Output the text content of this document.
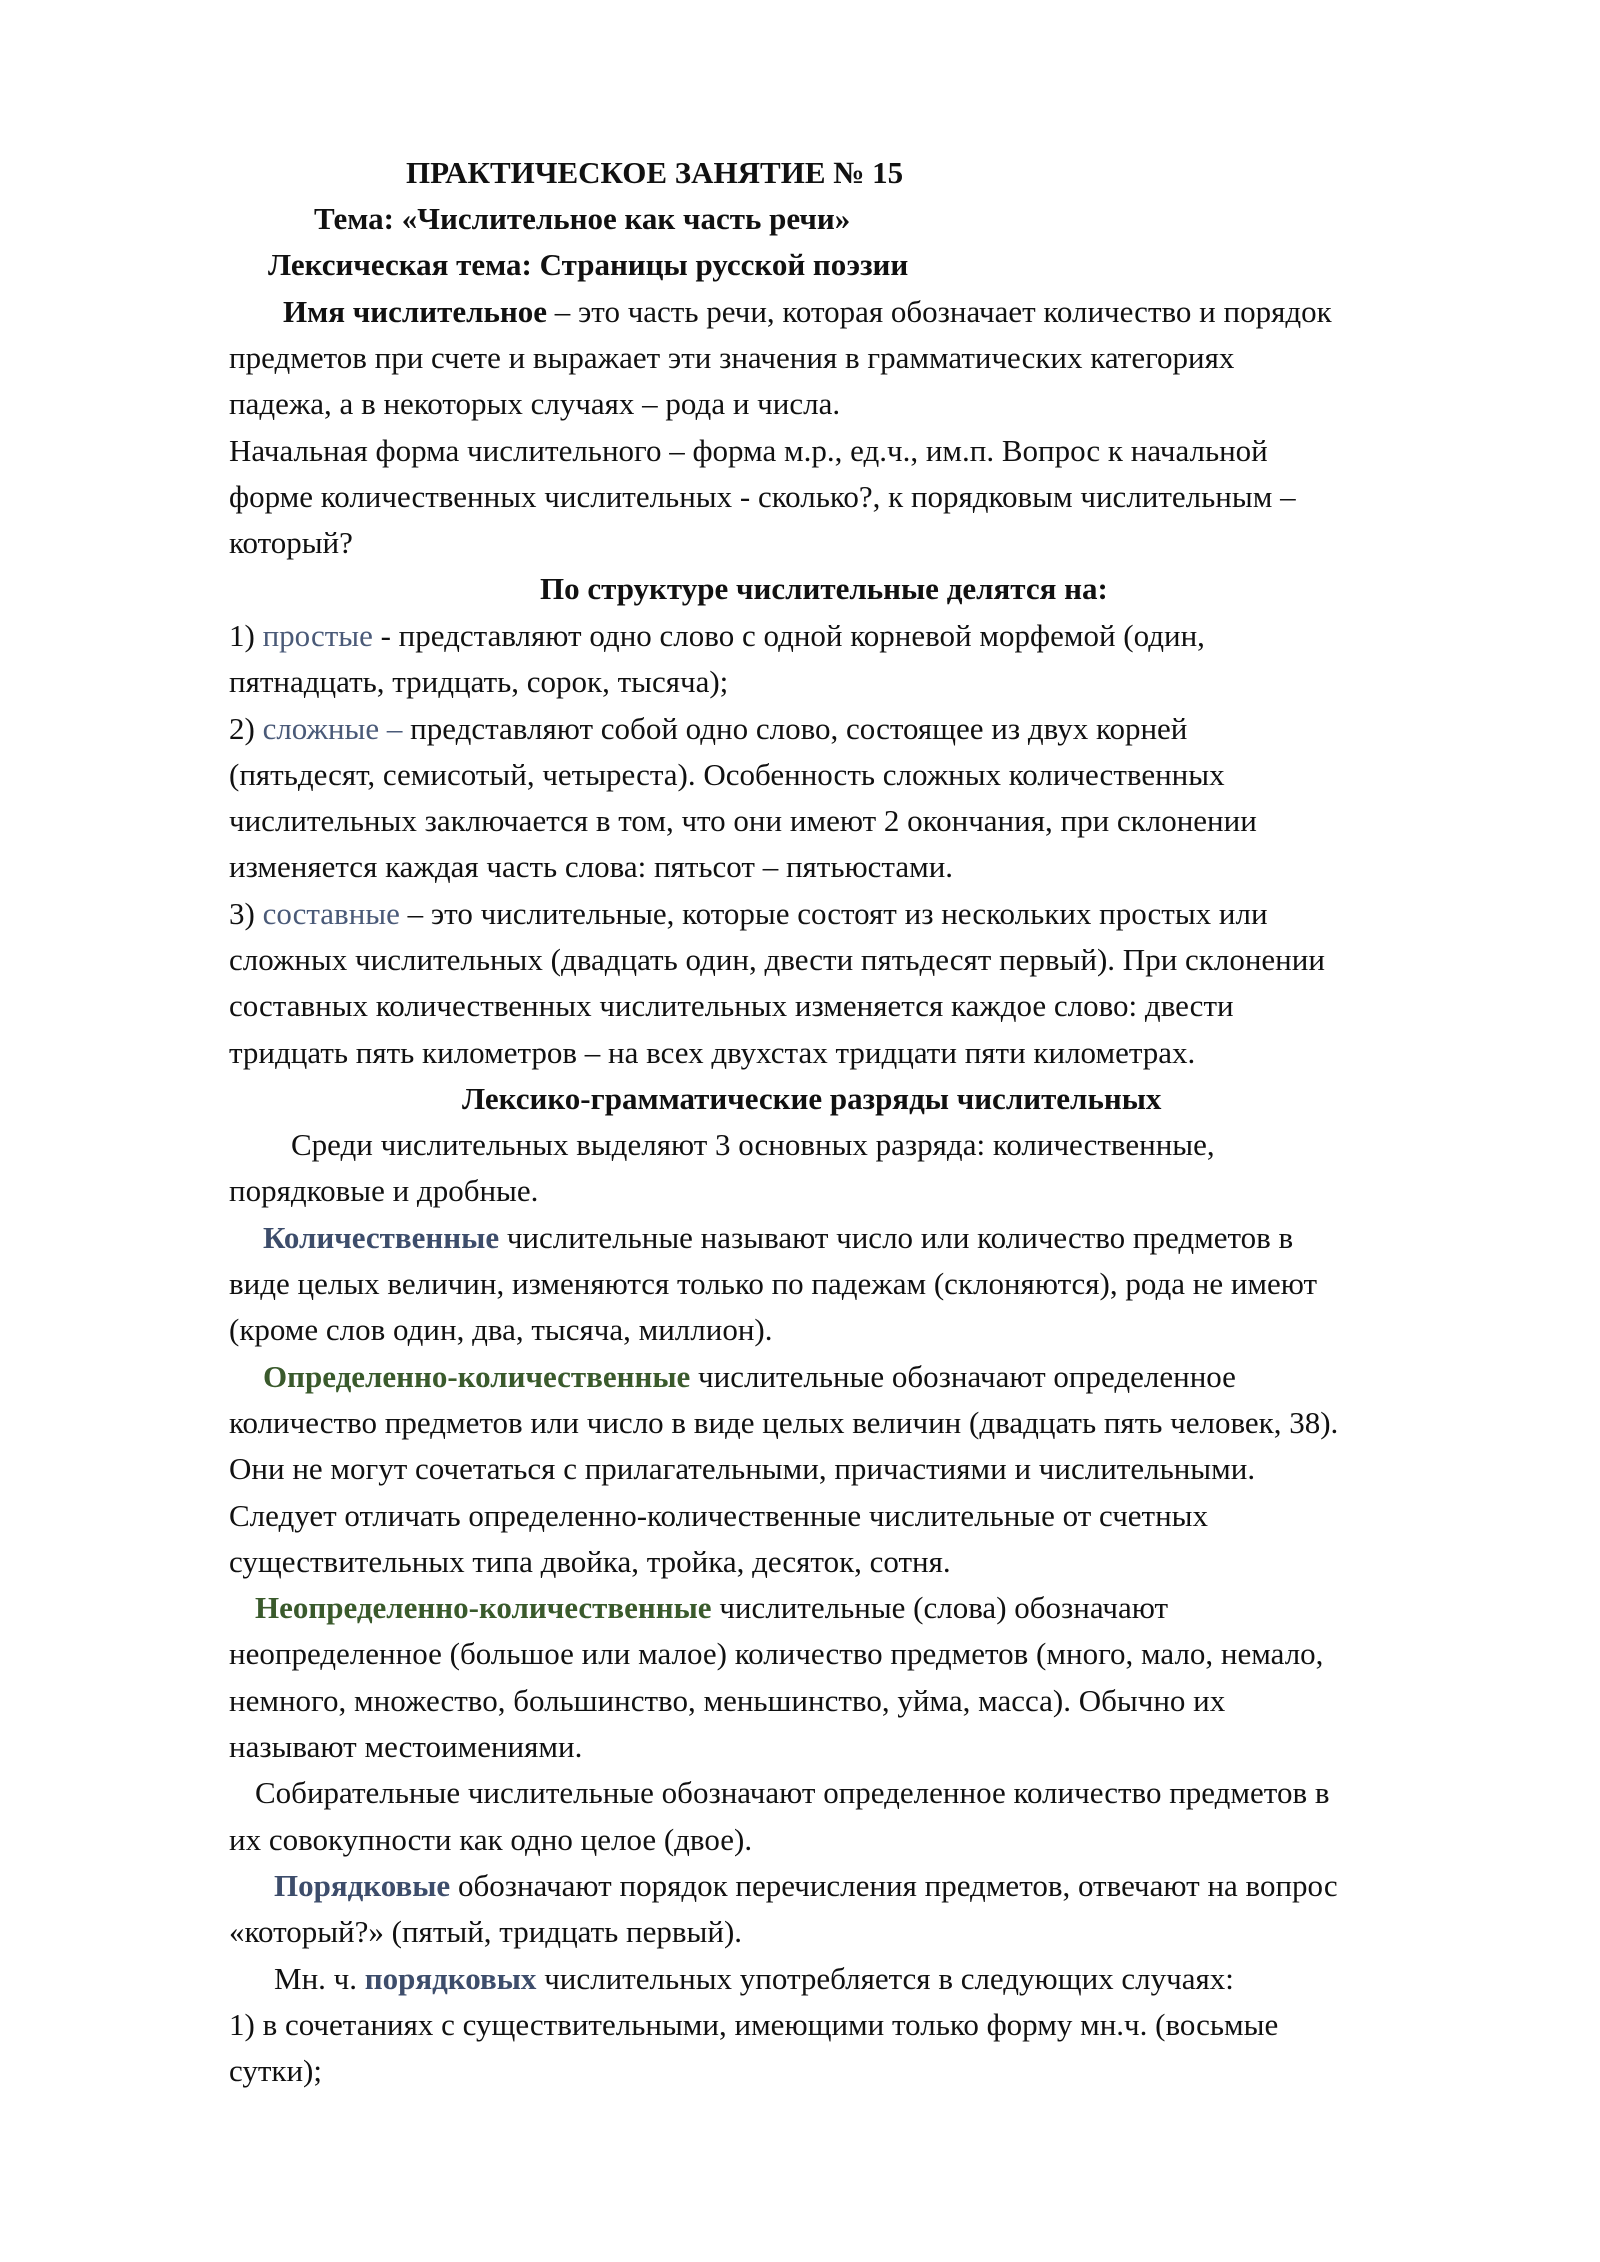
ПРАКТИЧЕСКОЕ ЗАНЯТИЕ № 15
Тема: «Числительное как часть речи»
Лексическая тема: Страницы русской поэзии
Имя числительное – это часть речи, которая обозначает количество и порядок
предметов при счете и выражает эти значения в грамматических категориях
падежа, а в некоторых случаях – рода и числа.
Начальная форма числительного – форма м.р., ед.ч., им.п. Вопрос к начальной
форме количественных числительных - сколько?, к порядковым числительным –
который?
По структуре числительные делятся на:
1) простые - представляют одно слово с одной корневой морфемой (один,
пятнадцать, тридцать, сорок, тысяча);
2) сложные – представляют собой одно слово, состоящее из двух корней
(пятьдесят, семисотый, четыреста). Особенность сложных количественных
числительных заключается в том, что они имеют 2 окончания, при склонении
изменяется каждая часть слова: пятьсот – пятьюстами.
3) составные – это числительные, которые состоят из нескольких простых или
сложных числительных (двадцать один, двести пятьдесят первый). При склонении
составных количественных числительных изменяется каждое слово: двести
тридцать пять километров – на всех двухстах тридцати пяти километрах.
Лексико-грамматические разряды числительных
Среди числительных выделяют 3 основных разряда: количественные,
порядковые и дробные.
Количественные числительные называют число или количество предметов в
виде целых величин, изменяются только по падежам (склоняются), рода не имеют
(кроме слов один, два, тысяча, миллион).
Определенно-количественные числительные обозначают определенное
количество предметов или число в виде целых величин (двадцать пять человек, 38).
Они не могут сочетаться с прилагательными, причастиями и числительными.
Следует отличать определенно-количественные числительные от счетных
существительных типа двойка, тройка, десяток, сотня.
Неопределенно-количественные числительные (слова) обозначают
неопределенное (большое или малое) количество предметов (много, мало, немало,
немного, множество, большинство, меньшинство, уйма, масса). Обычно их
называют местоимениями.
Собирательные числительные обозначают определенное количество предметов в
их совокупности как одно целое (двое).
Порядковые обозначают порядок перечисления предметов, отвечают на вопрос
«который?» (пятый, тридцать первый).
Мн. ч. порядковых числительных употребляется в следующих случаях:
1) в сочетаниях с существительными, имеющими только форму мн.ч. (восьмые
сутки);
